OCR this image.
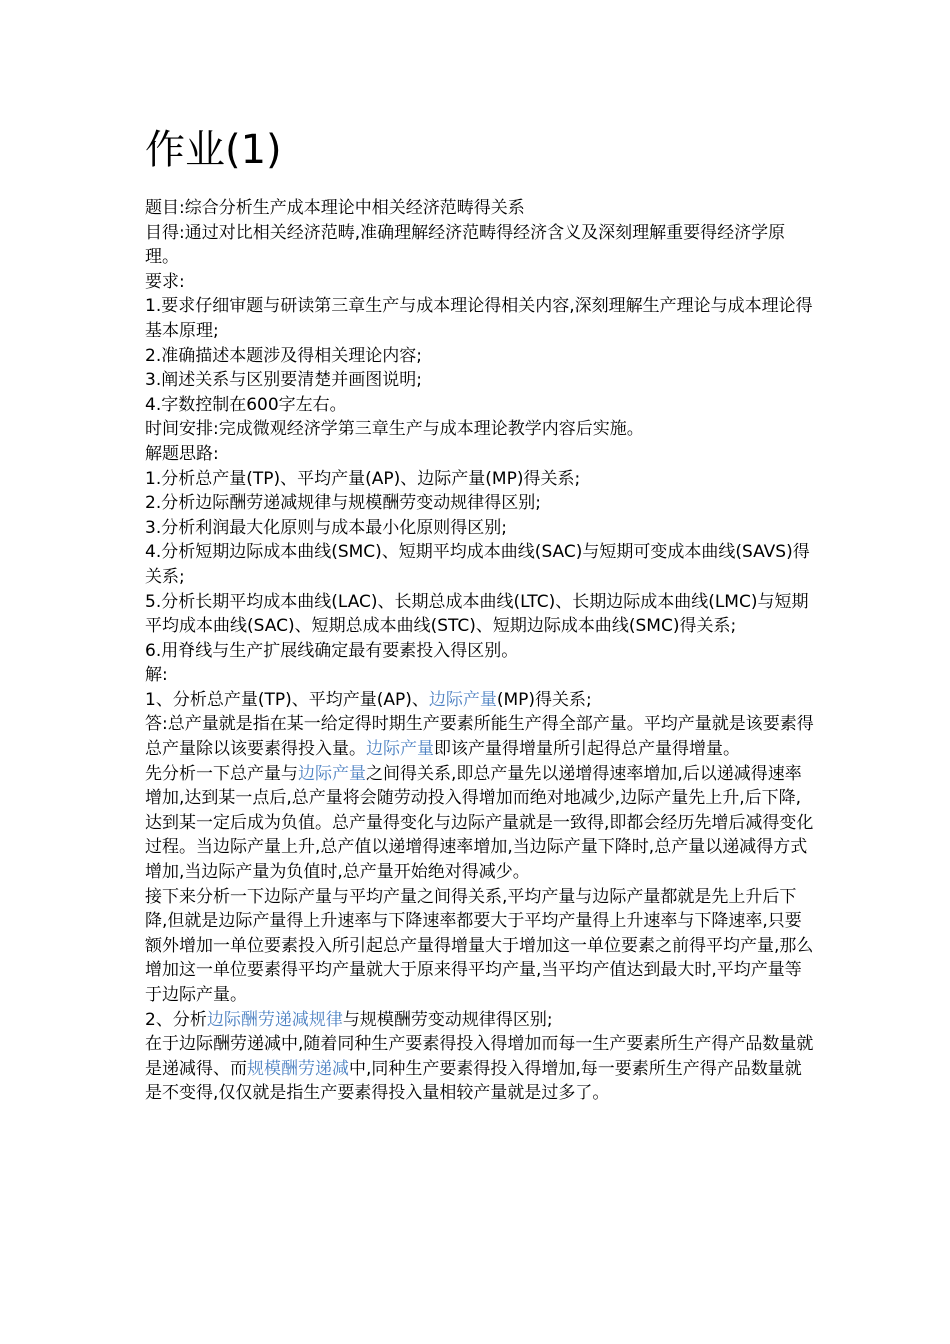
作业(1)

题目:综合分析生产成本理论中相关经济范畴得关系

目得:通过对比相关经济范畴,准确理解经济范畴得经济含义及深刻理解重要得经济学原理。

要求:

1.要求仔细审题与研读第三章生产与成本理论得相关内容,深刻理解生产理论与成本理论得基本原理;

2.准确描述本题涉及得相关理论内容;

3.阐述关系与区别要清楚并画图说明;

4.字数控制在600字左右。

时间安排:完成微观经济学第三章生产与成本理论教学内容后实施。

解题思路:

1.分析总产量(TP)、平均产量(AP)、边际产量(MP)得关系;

2.分析边际酬劳递减规律与规模酬劳变动规律得区别;

3.分析利润最大化原则与成本最小化原则得区别;

4.分析短期边际成本曲线(SMC)、短期平均成本曲线(SAC)与短期可变成本曲线(SAVS)得关系;

5.分析长期平均成本曲线(LAC)、长期总成本曲线(LTC)、长期边际成本曲线(LMC)与短期平均成本曲线(SAC)、短期总成本曲线(STC)、短期边际成本曲线(SMC)得关系;

6.用脊线与生产扩展线确定最有要素投入得区别。

解:

1、分析总产量(TP)、平均产量(AP)、边际产量(MP)得关系;

答:总产量就是指在某一给定得时期生产要素所能生产得全部产量。平均产量就是该要素得总产量除以该要素得投入量。边际产量即该产量得增量所引起得总产量得增量。

先分析一下总产量与边际产量之间得关系,即总产量先以递增得速率增加,后以递减得速率增加,达到某一点后,总产量将会随劳动投入得增加而绝对地减少,边际产量先上升,后下降,达到某一定后成为负值。总产量得变化与边际产量就是一致得,即都会经历先增后减得变化过程。当边际产量上升,总产值以递增得速率增加,当边际产量下降时,总产量以递减得方式增加,当边际产量为负值时,总产量开始绝对得减少。

接下来分析一下边际产量与平均产量之间得关系,平均产量与边际产量都就是先上升后下降,但就是边际产量得上升速率与下降速率都要大于平均产量得上升速率与下降速率,只要额外增加一单位要素投入所引起总产量得增量大于增加这一单位要素之前得平均产量,那么增加这一单位要素得平均产量就大于原来得平均产量,当平均产值达到最大时,平均产量等于边际产量。

2、分析边际酬劳递减规律与规模酬劳变动规律得区别;

在于边际酬劳递减中,随着同种生产要素得投入得增加而每一生产要素所生产得产品数量就是递减得、而规模酬劳递减中,同种生产要素得投入得增加,每一要素所生产得产品数量就是不变得,仅仅就是指生产要素得投入量相较产量就是过多了。
